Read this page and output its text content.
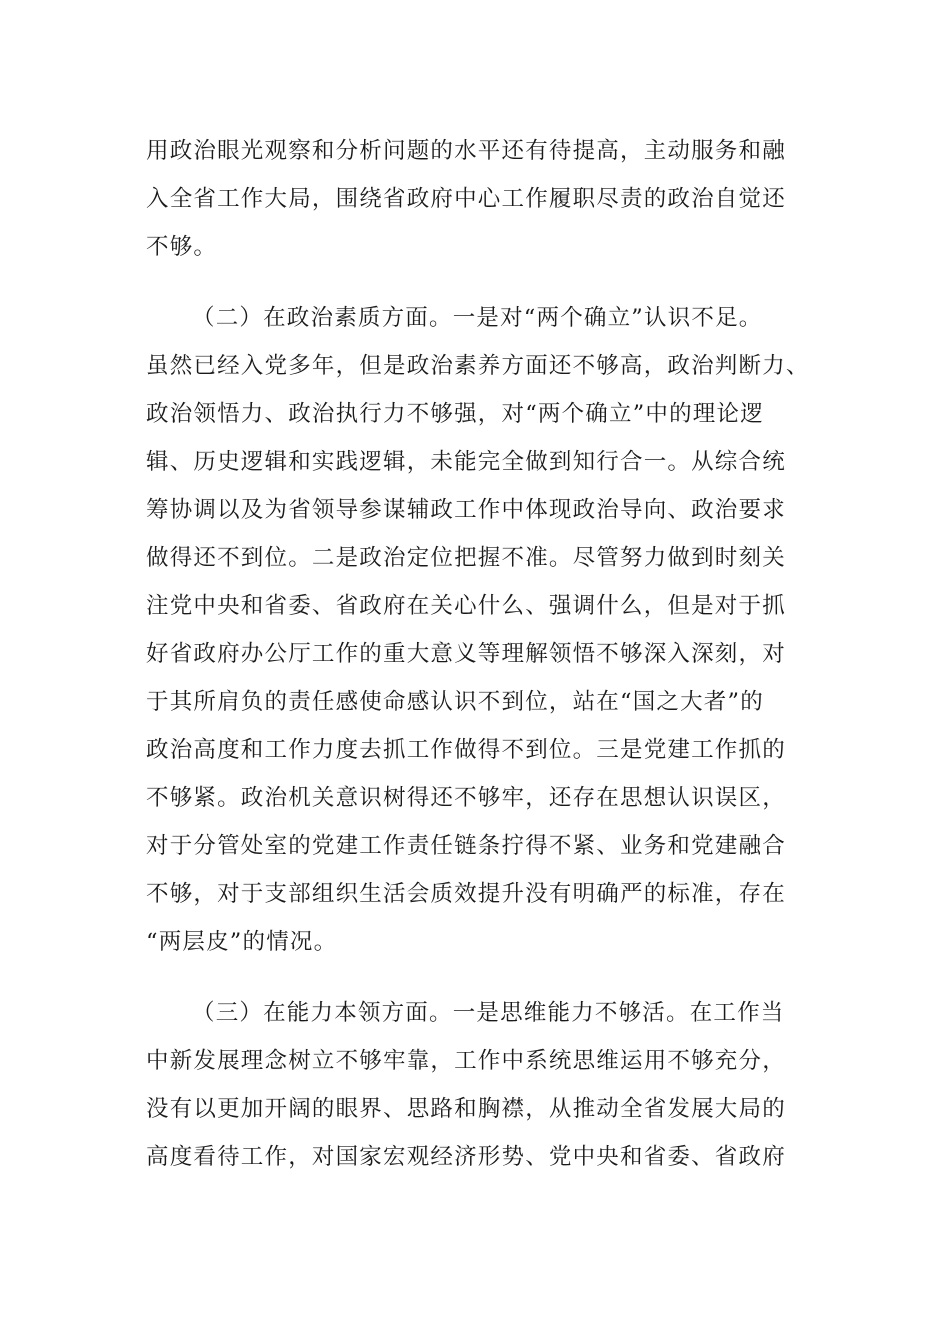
用政治眼光观察和分析问题的水平还有待提高，主动服务和融
入全省工作大局，围绕省政府中心工作履职尽责的政治自觉还
不够。
（二）在政治素质方面。一是对“两个确立”认识不足。
虽然已经入党多年，但是政治素养方面还不够高，政治判断力、
政治领悟力、政治执行力不够强，对“两个确立”中的理论逻
辑、历史逻辑和实践逻辑，未能完全做到知行合一。从综合统
筹协调以及为省领导参谋辅政工作中体现政治导向、政治要求
做得还不到位。二是政治定位把握不准。尽管努力做到时刻关
注党中央和省委、省政府在关心什么、强调什么，但是对于抓
好省政府办公厅工作的重大意义等理解领悟不够深入深刻，对
于其所肩负的责任感使命感认识不到位，站在“国之大者”的
政治高度和工作力度去抓工作做得不到位。三是党建工作抓的
不够紧。政治机关意识树得还不够牢，还存在思想认识误区，
对于分管处室的党建工作责任链条拧得不紧、业务和党建融合
不够，对于支部组织生活会质效提升没有明确严的标准，存在
“两层皮”的情况。
（三）在能力本领方面。一是思维能力不够活。在工作当
中新发展理念树立不够牢靠，工作中系统思维运用不够充分，
没有以更加开阔的眼界、思路和胸襟，从推动全省发展大局的
高度看待工作，对国家宏观经济形势、党中央和省委、省政府
